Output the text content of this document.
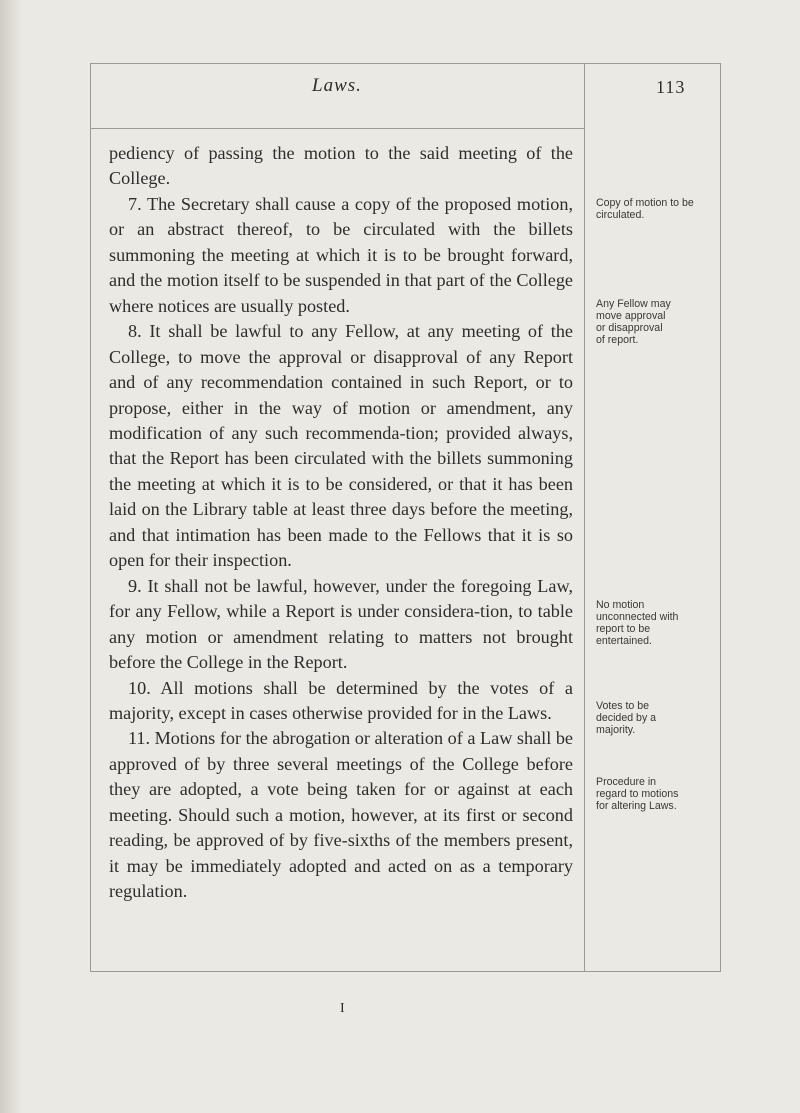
Laws.	113

pediency of passing the motion to the said meeting of the College.

7. The Secretary shall cause a copy of the proposed motion, or an abstract thereof, to be circulated with the billets summoning the meeting at which it is to be brought forward, and the motion itself to be suspended in that part of the College where notices are usually posted.

8. It shall be lawful to any Fellow, at any meeting of the College, to move the approval or disapproval of any Report and of any recommendation contained in such Report, or to propose, either in the way of motion or amendment, any modification of any such recommenda-tion; provided always, that the Report has been circulated with the billets summoning the meeting at which it is to be considered, or that it has been laid on the Library table at least three days before the meeting, and that intimation has been made to the Fellows that it is so open for their inspection.

9. It shall not be lawful, however, under the foregoing Law, for any Fellow, while a Report is under considera-tion, to table any motion or amendment relating to matters not brought before the College in the Report.

10. All motions shall be determined by the votes of a majority, except in cases otherwise provided for in the Laws.

11. Motions for the abrogation or alteration of a Law shall be approved of by three several meetings of the College before they are adopted, a vote being taken for or against at each meeting. Should such a motion, however, at its first or second reading, be approved of by five-sixths of the members present, it may be immediately adopted and acted on as a temporary regulation.

Copy of motion to be circulated.
Any Fellow may move approval or disapproval of report.
No motion unconnected with report to be entertained.
Votes to be decided by a majority.
Procedure in regard to motions for altering Laws.
I
